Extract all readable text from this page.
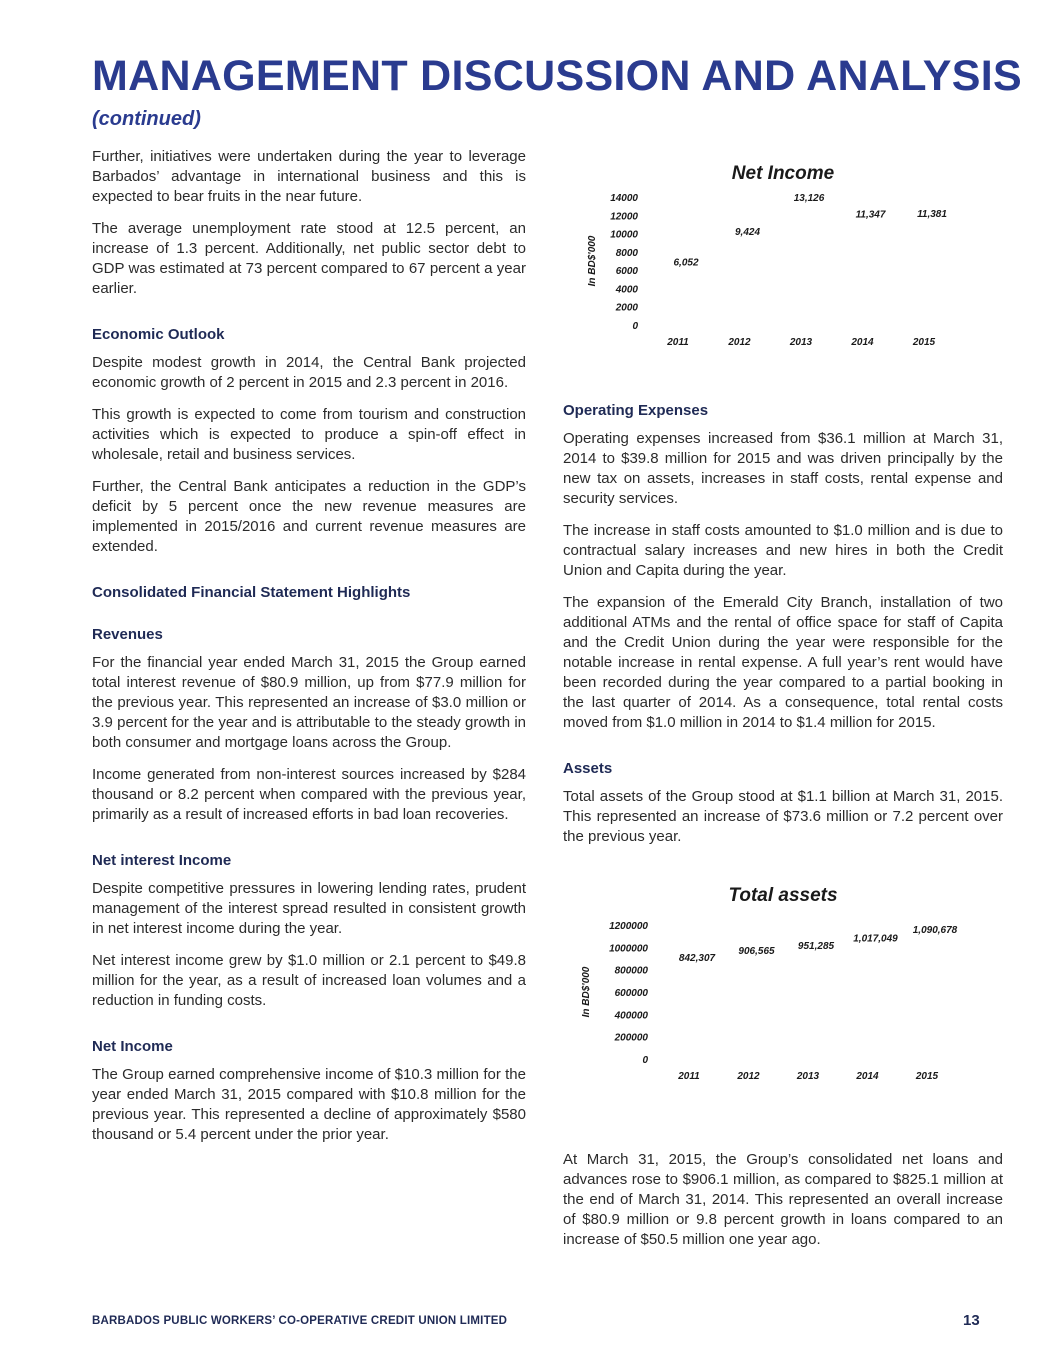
MANAGEMENT DISCUSSION AND ANALYSIS
(continued)

Further, initiatives were undertaken during the year to leverage Barbados’ advantage in international business and this is expected to bear fruits in the near future.

The average unemployment rate stood at 12.5 percent, an increase of 1.3 percent. Additionally, net public sector debt to GDP was estimated at 73 percent compared to 67 percent a year earlier.

Economic Outlook

Despite modest growth in 2014, the Central Bank projected economic growth of 2 percent in 2015 and 2.3 percent in 2016.

This growth is expected to come from tourism and construction activities which is expected to produce a spin-off effect in wholesale, retail and business services.

Further, the Central Bank anticipates a reduction in the GDP’s deficit by 5 percent once the new revenue measures are implemented in 2015/2016 and current revenue measures are extended.

Consolidated Financial Statement Highlights
Revenues

For the financial year ended March 31, 2015 the Group earned total interest revenue of $80.9 million, up from $77.9 million for the previous year. This represented an increase of $3.0 million or 3.9 percent for the year and is attributable to the steady growth in both consumer and mortgage loans across the Group.

Income generated from non-interest sources increased by $284 thousand or 8.2 percent when compared with the previous year, primarily as a result of increased efforts in bad loan recoveries.

Net interest Income

Despite competitive pressures in lowering lending rates, prudent management of the interest spread resulted in consistent growth in net interest income during the year.

Net interest income grew by $1.0 million or 2.1 percent to $49.8 million for the year, as a result of increased loan volumes and a reduction in funding costs.

Net Income

The Group earned comprehensive income of $10.3 million for the year ended March 31, 2015 compared with $10.8 million for the previous year. This represented a decline of approximately $580 thousand or 5.4 percent under the prior year.

Net Income
In BD$'000
0
2000
4000
6000
8000
10000
12000
14000
2011
6,052
2012
9,424
2013
13,126
2014
11,347
2015
11,381
Operating Expenses

Operating expenses increased from $36.1 million at March 31, 2014 to $39.8 million for 2015 and was driven principally by the new tax on assets, increases in staff costs, rental expense and security services.

The increase in staff costs amounted to $1.0 million and is due to contractual salary increases and new hires in both the Credit Union and Capita during the year.

The expansion of the Emerald City Branch, installation of two additional ATMs and the rental of office space for staff of Capita and the Credit Union during the year were responsible for the notable increase in rental expense. A full year’s rent would have been recorded during the year compared to a partial booking in the last quarter of 2014. As a consequence, total rental costs moved from $1.0 million in 2014 to $1.4 million for 2015.

Assets

Total assets of the Group stood at $1.1 billion at March 31, 2015. This represented an increase of $73.6 million or 7.2 percent over the previous year.

Total assets
In BD$'000
0
200000
400000
600000
800000
1000000
1200000
2011
842,307
2012
906,565
2013
951,285
2014
1,017,049
2015
1,090,678

At March 31, 2015, the Group’s consolidated net loans and advances rose to $906.1 million, as compared to $825.1 million at the end of March 31, 2014. This represented an overall increase of $80.9 million or 9.8 percent growth in loans compared to an increase of $50.5 million one year ago.

BARBADOS PUBLIC WORKERS’ CO-OPERATIVE CREDIT UNION LIMITED	13
